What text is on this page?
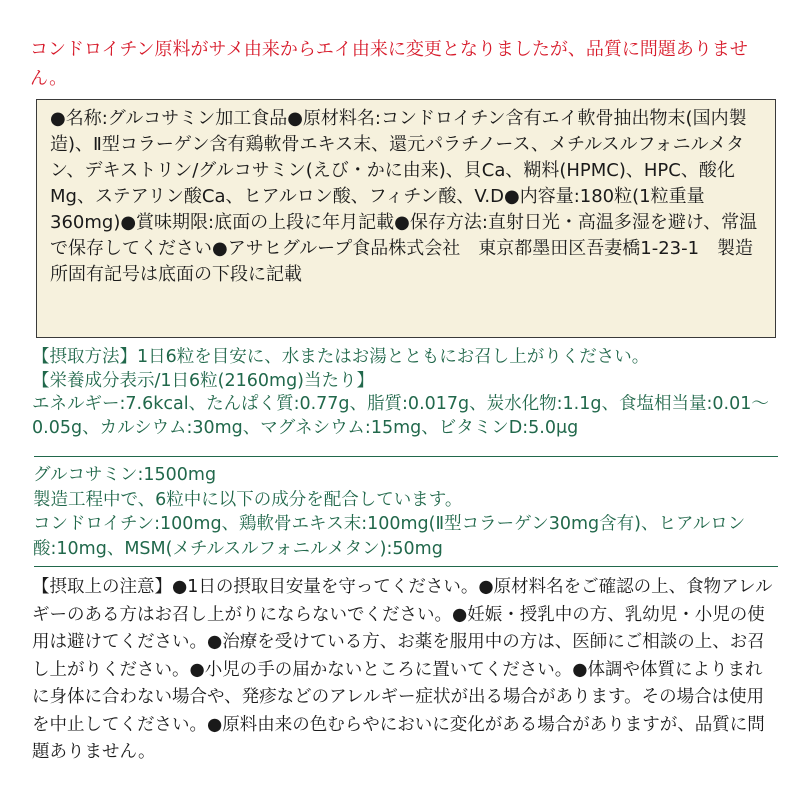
コンドロイチン原料がサメ由来からエイ由来に変更となりましたが、品質に問題ありません。

●名称:グルコサミン加工食品●原材料名:コンドロイチン含有エイ軟骨抽出物末(国内製造)、Ⅱ型コラーゲン含有鶏軟骨エキス末、還元パラチノース、メチルスルフォニルメタン、デキストリン/グルコサミン(えび・かに由来)、貝Ca、糊料(HPMC)、HPC、酸化Mg、ステアリン酸Ca、ヒアルロン酸、フィチン酸、V.D●内容量:180粒(1粒重量360mg)●賞味期限:底面の上段に年月記載●保存方法:直射日光・高温多湿を避け、常温で保存してください●アサヒグループ食品株式会社　東京都墨田区吾妻橋1-23-1　製造所固有記号は底面の下段に記載

【摂取方法】1日6粒を目安に、水またはお湯とともにお召し上がりください。

【栄養成分表示/1日6粒(2160mg)当たり】

エネルギー:7.6kcal、たんぱく質:0.77g、脂質:0.017g、炭水化物:1.1g、食塩相当量:0.01～0.05g、カルシウム:30mg、マグネシウム:15mg、ビタミンD:5.0μg

グルコサミン:1500mg

製造工程中で、6粒中に以下の成分を配合しています。

コンドロイチン:100mg、鶏軟骨エキス末:100mg(Ⅱ型コラーゲン30mg含有)、ヒアルロン酸:10mg、MSM(メチルスルフォニルメタン):50mg

【摂取上の注意】●1日の摂取目安量を守ってください。●原材料名をご確認の上、食物アレルギーのある方はお召し上がりにならないでください。●妊娠・授乳中の方、乳幼児・小児の使用は避けてください。●治療を受けている方、お薬を服用中の方は、医師にご相談の上、お召し上がりください。●小児の手の届かないところに置いてください。●体調や体質によりまれに身体に合わない場合や、発疹などのアレルギー症状が出る場合があります。その場合は使用を中止してください。●原料由来の色むらやにおいに変化がある場合がありますが、品質に問題ありません。
